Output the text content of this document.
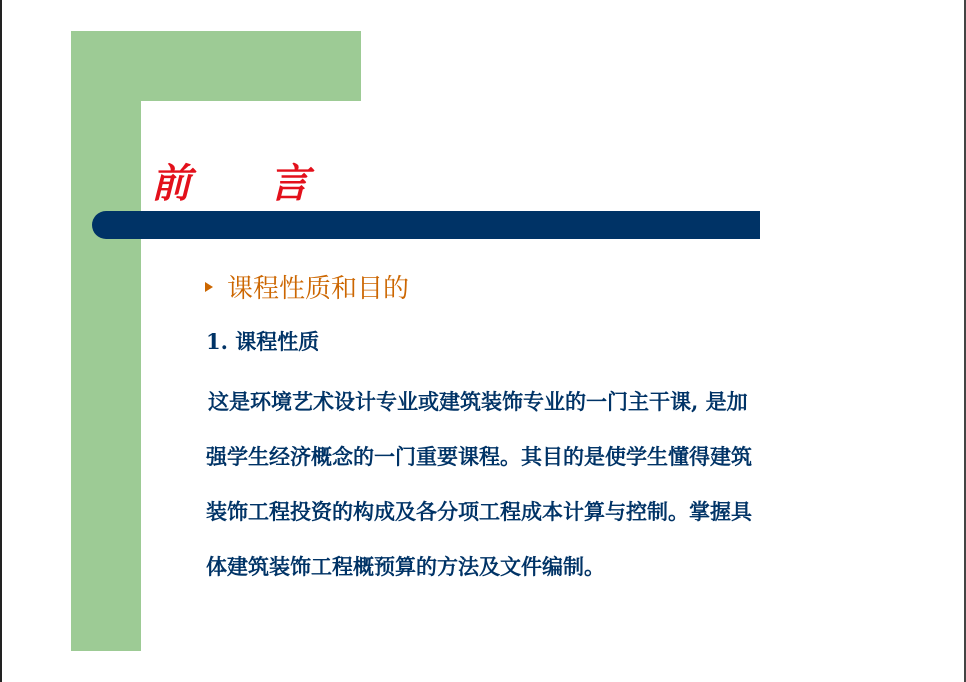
前 言
课程性质和目的
1. 课程性质
这是环境艺术设计专业或建筑装饰专业的一门主干课, 是加
强学生经济概念的一门重要课程。其目的是使学生懂得建筑
装饰工程投资的构成及各分项工程成本计算与控制。掌握具
体建筑装饰工程概预算的方法及文件编制。
